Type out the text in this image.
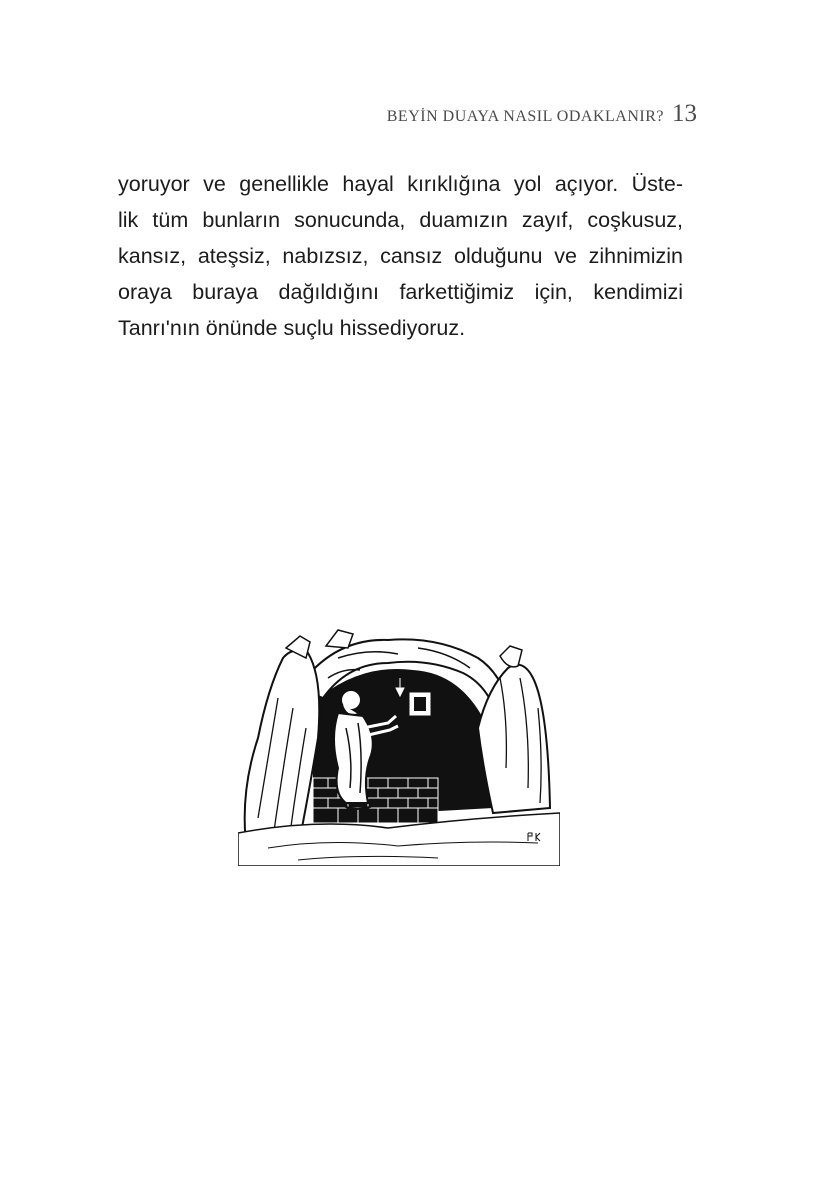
BEYİN DUAYA NASIL ODAKLANIR? 13
yoruyor ve genellikle hayal kırıklığına yol açıyor. Üste-
lik tüm bunların sonucunda, duamızın zayıf, coşkusuz,
kansız, ateşsiz, nabızsız, cansız olduğunu ve zihnimizin
oraya buraya dağıldığını farkettiğimiz için, kendimizi
Tanrı'nın önünde suçlu hissediyoruz.
